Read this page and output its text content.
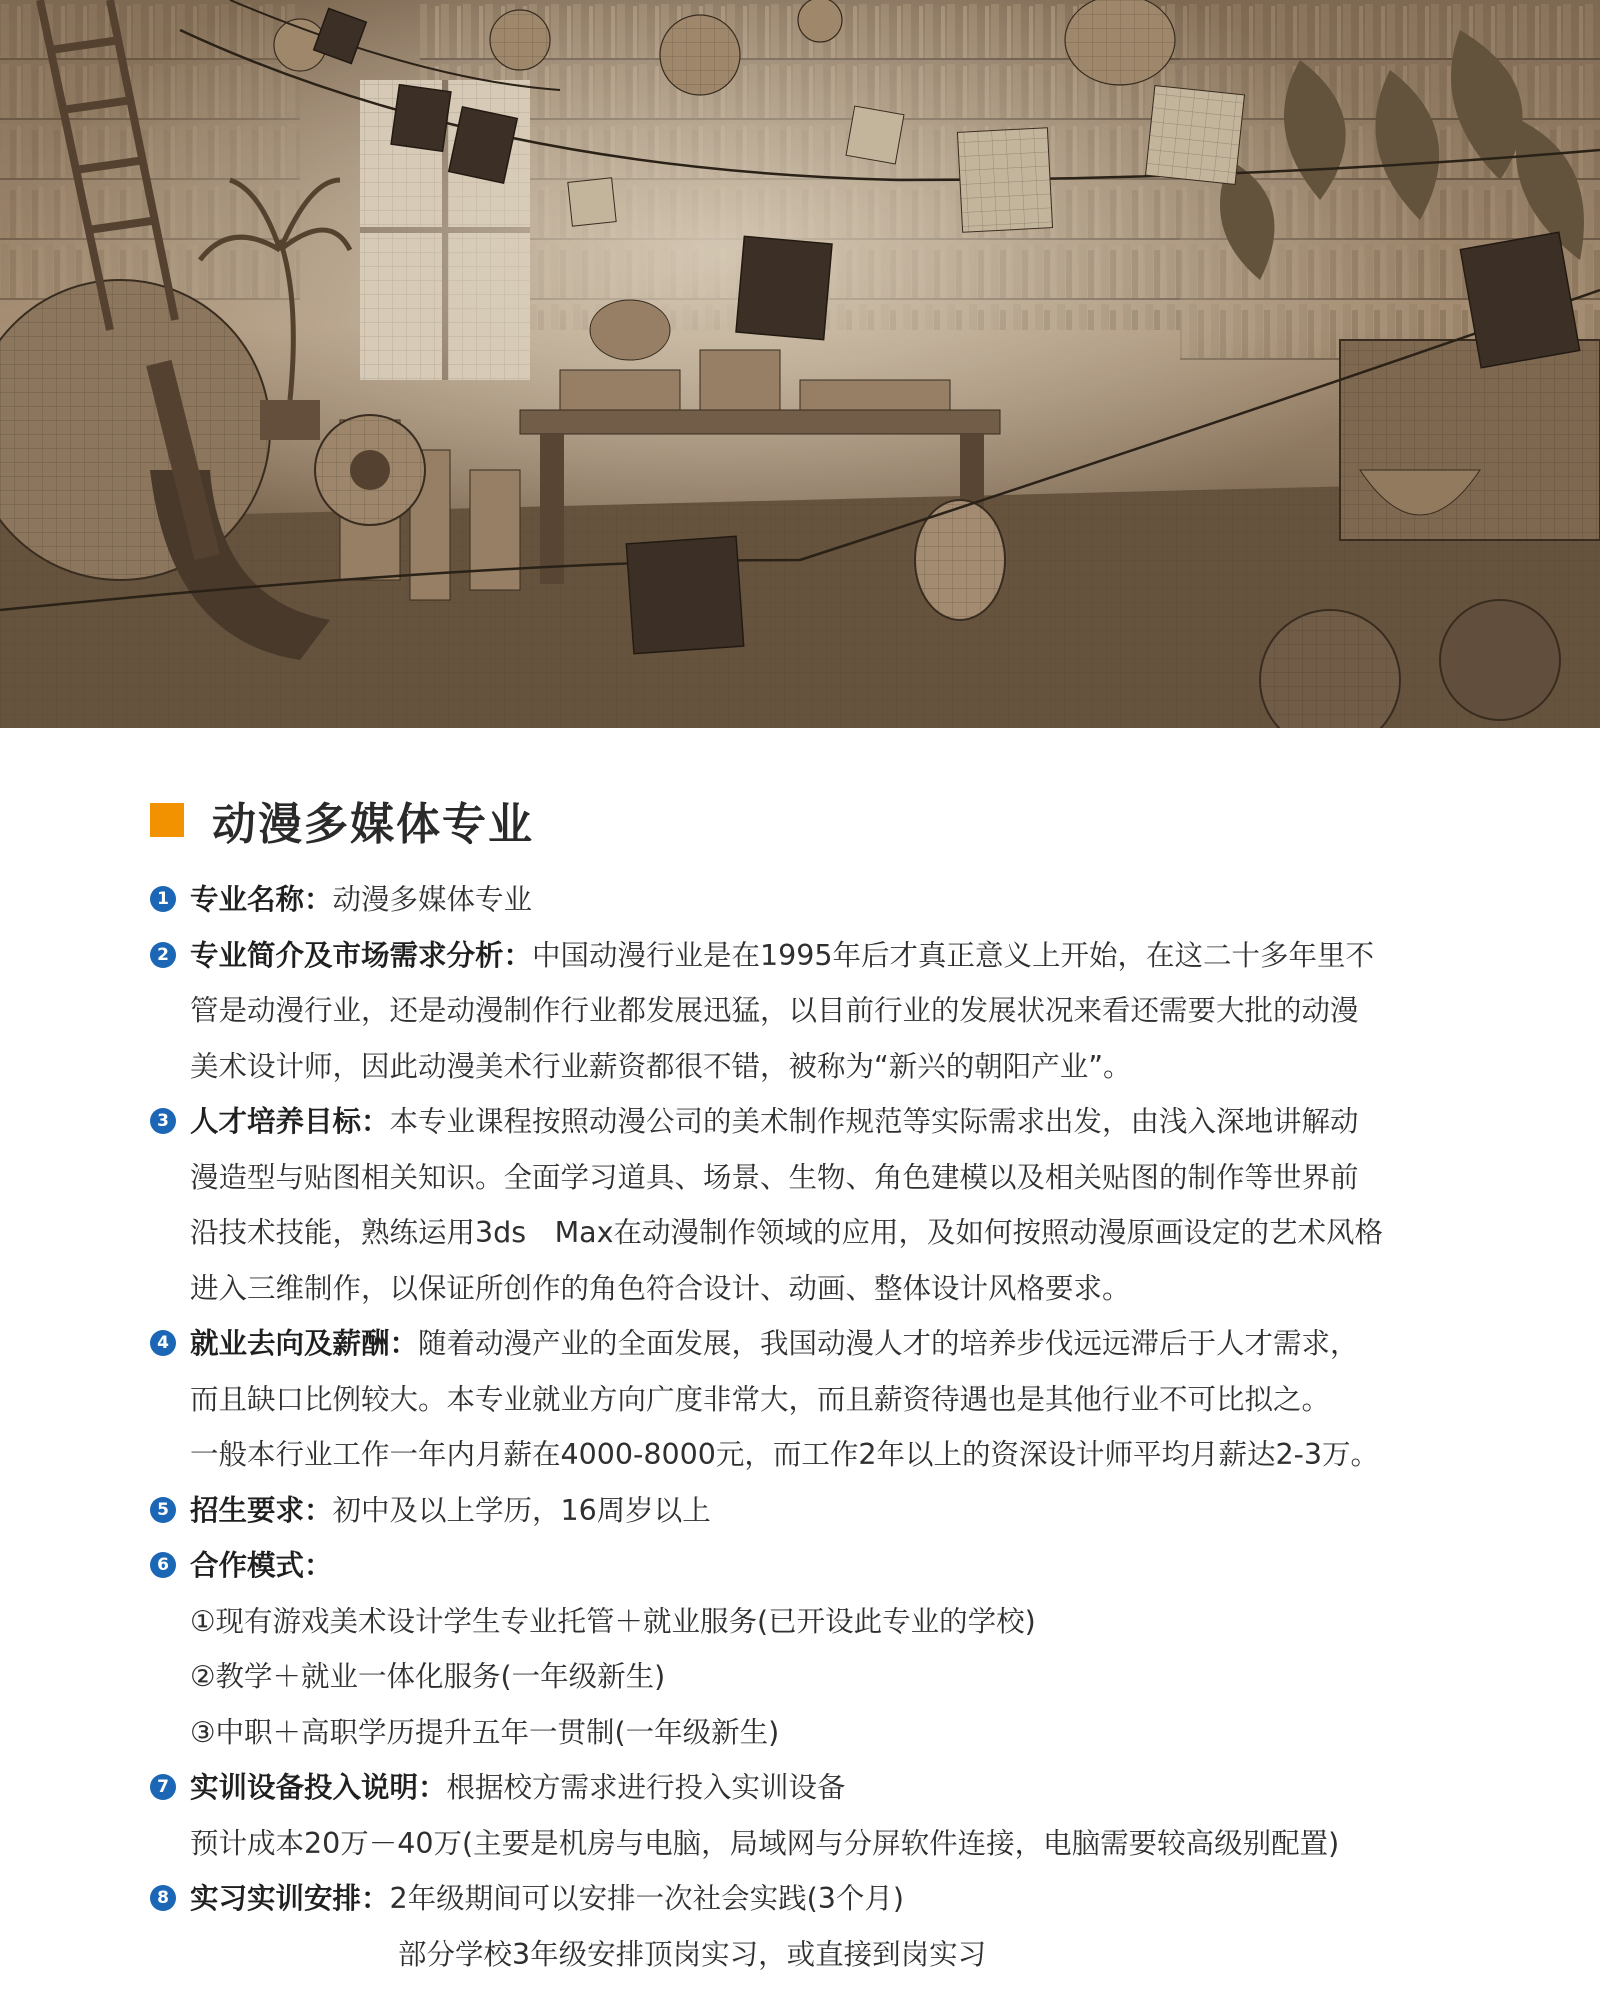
动漫多媒体专业
1 专业名称：动漫多媒体专业
2 专业简介及市场需求分析：中国动漫行业是在1995年后才真正意义上开始，在这二十多年里不
管是动漫行业，还是动漫制作行业都发展迅猛，以目前行业的发展状况来看还需要大批的动漫
美术设计师，因此动漫美术行业薪资都很不错，被称为“新兴的朝阳产业”。
3 人才培养目标：本专业课程按照动漫公司的美术制作规范等实际需求出发，由浅入深地讲解动
漫造型与贴图相关知识。全面学习道具、场景、生物、角色建模以及相关贴图的制作等世界前
沿技术技能，熟练运用3ds　Max在动漫制作领域的应用，及如何按照动漫原画设定的艺术风格
进入三维制作，以保证所创作的角色符合设计、动画、整体设计风格要求。
4 就业去向及薪酬：随着动漫产业的全面发展，我国动漫人才的培养步伐远远滞后于人才需求，
而且缺口比例较大。本专业就业方向广度非常大，而且薪资待遇也是其他行业不可比拟之。
一般本行业工作一年内月薪在4000-8000元，而工作2年以上的资深设计师平均月薪达2-3万。
5 招生要求：初中及以上学历，16周岁以上
6 合作模式：
①现有游戏美术设计学生专业托管＋就业服务(已开设此专业的学校)
②教学＋就业一体化服务(一年级新生)
③中职＋高职学历提升五年一贯制(一年级新生)
7 实训设备投入说明：根据校方需求进行投入实训设备
预计成本20万－40万(主要是机房与电脑，局域网与分屏软件连接，电脑需要较高级别配置)
8 实习实训安排：2年级期间可以安排一次社会实践(3个月)
部分学校3年级安排顶岗实习，或直接到岗实习
